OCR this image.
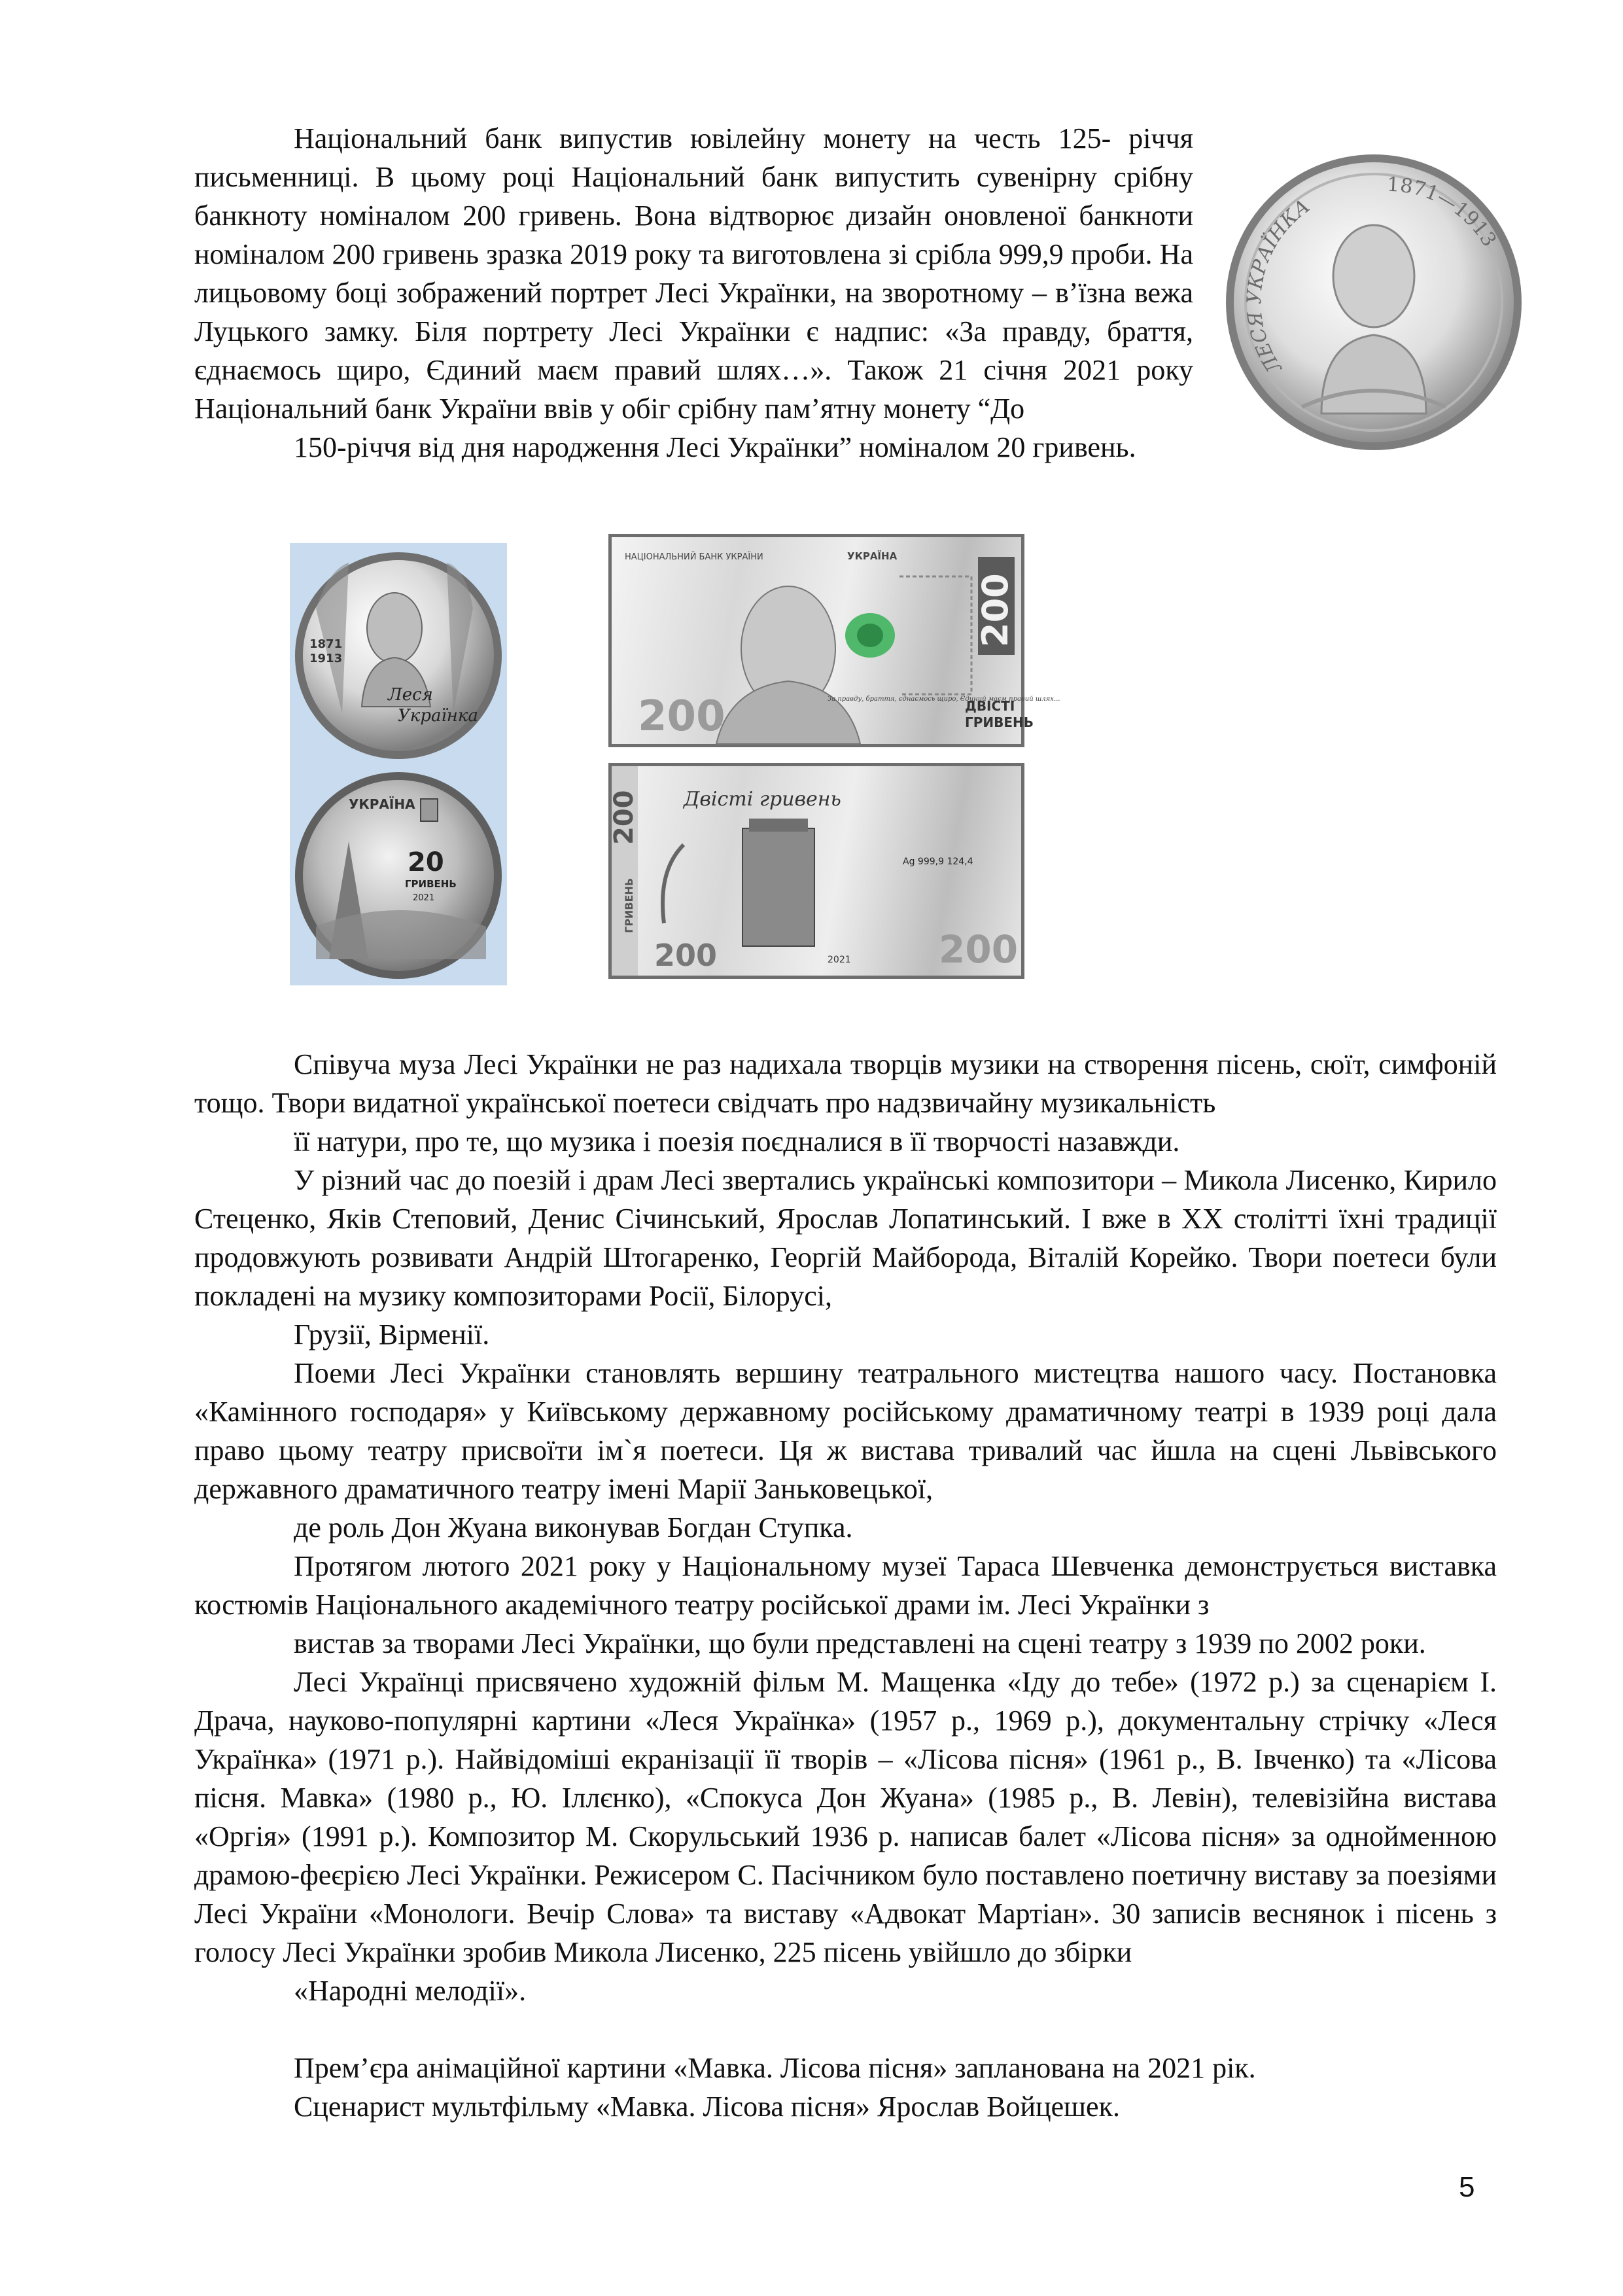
Національний банк випустив ювілейну монету на честь 125- річчя письменниці. В цьому році Національний банк випустить сувенірну срібну банкноту номіналом 200 гривень. Вона відтворює дизайн оновленої банкноти номіналом 200 гривень зразка 2019 року та виготовлена зі срібла 999,9 проби. На лицьовому боці зображений портрет Лесі Українки, на зворотному – в’їзна вежа Луцького замку. Біля портрету Лесі Українки є надпис: «За правду, браття, єднаємось щиро, Єдиний маєм правий шлях…». Також 21 січня 2021 року Національний банк України ввів у обіг срібну пам’ятну монету “До
150-річчя від дня народження Лесі Українки” номіналом 20 гривень.

ЛЕСЯ УКРАЇНКА
1871—1913
1871
1913
Леся
Українка
УКРАЇНА
20
ГРИВЕНЬ
2021
НАЦІОНАЛЬНИЙ БАНК УКРАЇНИ	УКРАЇНА
200
200	ДВІСТІ
ГРИВЕНЬ
За правду, браття, єднаємось щиро, Єдиний маєм правий шлях...
200
ГРИВЕНЬ
Двісті гривень
Ag 999,9 124,4
2021 200
200

Співуча муза Лесі Українки не раз надихала творців музики на створення пісень, сюїт, симфоній тощо. Твори видатної української поетеси свідчать про надзвичайну музикальність
її натури, про те, що музика і поезія поєдналися в її творчості назавжди.

У різний час до поезій і драм Лесі звертались українські композитори – Микола Лисенко, Кирило Стеценко, Яків Степовий, Денис Січинський, Ярослав Лопатинський. І вже в ХХ столітті їхні традиції продовжують розвивати Андрій Штогаренко, Георгій Майборода, Віталій Корейко. Твори поетеси були покладені на музику композиторами Росії, Білорусі,
Грузії, Вірменії.

Поеми Лесі Українки становлять вершину театрального мистецтва нашого часу. Постановка «Камінного господаря» у Київському державному російському драматичному театрі в 1939 році дала право цьому театру присвоїти ім`я поетеси. Ця ж вистава тривалий час йшла на сцені Львівського державного драматичного театру імені Марії Заньковецької,
де роль Дон Жуана виконував Богдан Ступка.

Протягом лютого 2021 року у Національному музеї Тараса Шевченка демонструється виставка костюмів Національного академічного театру російської драми ім. Лесі Українки з
вистав за творами Лесі Українки, що були представлені на сцені театру з 1939 по 2002 роки.

Лесі Українці присвячено художній фільм М. Мащенка «Іду до тебе» (1972 р.) за сценарієм І. Драча, науково-популярні картини «Леся Українка» (1957 р., 1969 р.), документальну стрічку «Леся Українка» (1971 р.). Найвідоміші екранізації її творів – «Лісова пісня» (1961 р., В. Івченко) та «Лісова пісня. Мавка» (1980 р., Ю. Іллєнко), «Спокуса Дон Жуана» (1985 р., В. Левін), телевізійна вистава «Оргія» (1991 р.). Композитор М. Скорульський 1936 р. написав балет «Лісова пісня» за однойменною драмою-феєрією Лесі Українки. Режисером С. Пасічником було поставлено поетичну виставу за поезіями Лесі України «Монологи. Вечір Слова» та виставу «Адвокат Мартіан». 30 записів веснянок і пісень з голосу Лесі Українки зробив Микола Лисенко, 225 пісень увійшло до збірки
«Народні мелодії».

Прем’єра анімаційної картини «Мавка. Лісова пісня» запланована на 2021 рік.
Сценарист мультфільму «Мавка. Лісова пісня» Ярослав Войцешек.

5
